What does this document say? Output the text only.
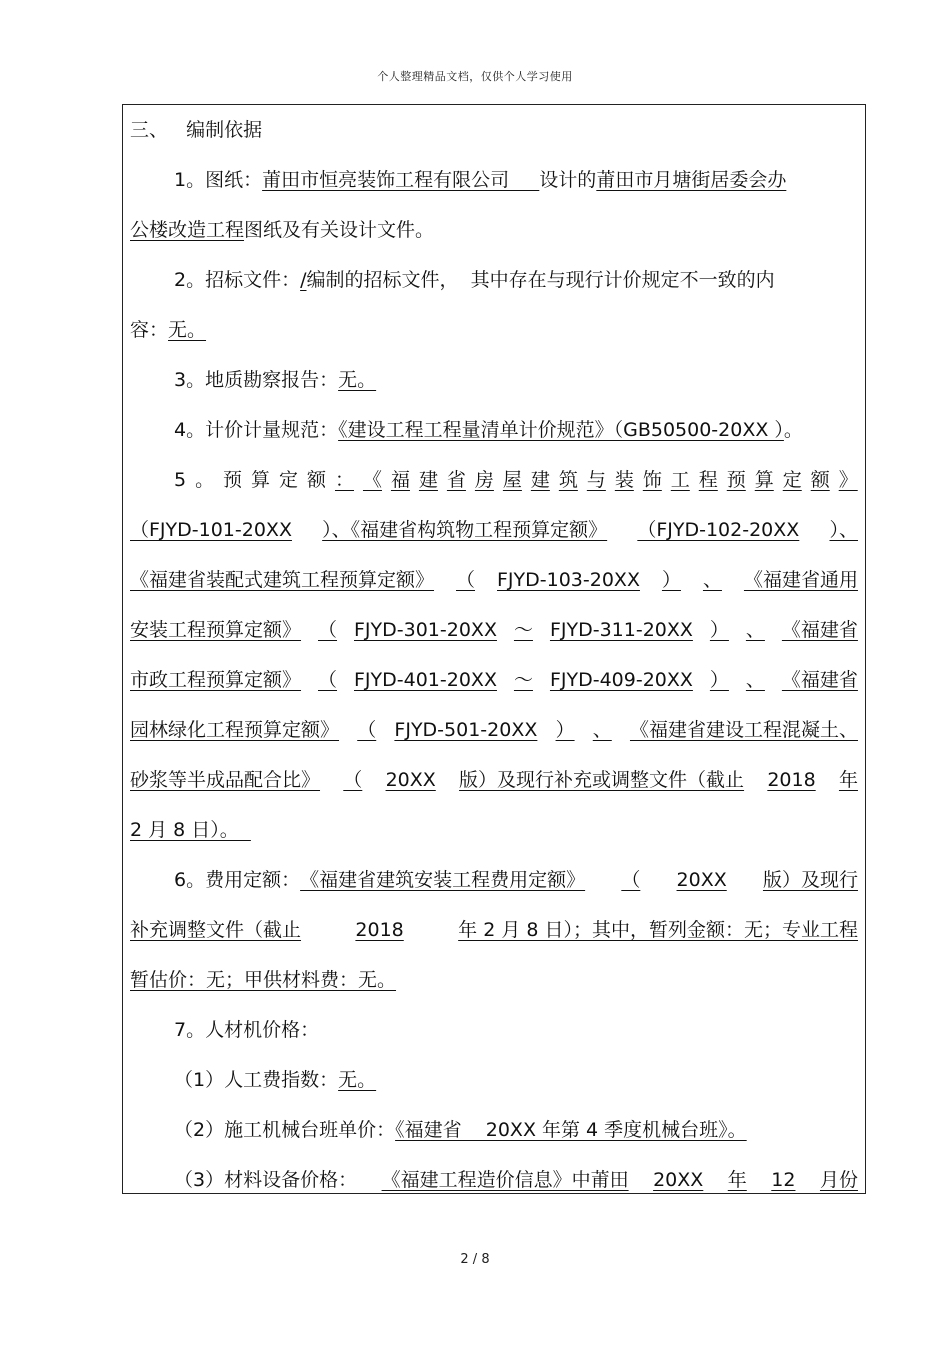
个人整理精品文档，仅供个人学习使用
三、   编制依据
1。图纸：莆田市恒亮装饰工程有限公司     设计的莆田市月塘街居委会办
公楼改造工程图纸及有关设计文件。
2。招标文件：/编制的招标文件，  其中存在与现行计价规定不一致的内
容：无。
3。地质勘察报告：无。
4。计价计量规范：《建设工程工程量清单计价规范》（GB50500-20XX ）。
5 。 预 算 定 额 ： 《 福 建 省 房 屋 建 筑 与 装 饰 工 程 预 算 定 额 》
（FJYD-101-20XX ）、《福建省构筑物工程预算定额》 （FJYD-102-20XX ）、
《福建省装配式建筑工程预算定额》 （ FJYD-103-20XX ） 、 《福建省通用
安装工程预算定额》 （ FJYD-301-20XX ～ FJYD-311-20XX ） 、 《福建省
市政工程预算定额》 （ FJYD-401-20XX ～ FJYD-409-20XX ） 、 《福建省
园林绿化工程预算定额》 （ FJYD-501-20XX ） 、 《福建省建设工程混凝土、
砂浆等半成品配合比》 （ 20XX 版）及现行补充或调整文件（截止 2018 年
2 月 8 日）。
6。费用定额： 《福建省建筑安装工程费用定额》 （ 20XX 版）及现行
补充调整文件（截止	2018	年 2 月 8 日）；其中，暂列金额：无；专业工程
暂估价：无；甲供材料费：无。
7。人材机价格：
（1）人工费指数：无。
（2）施工机械台班单价：《福建省    20XX 年第 4 季度机械台班》。
（3）材料设备价格： 《福建工程造价信息》中莆田 20XX 年 12 月份
2 / 8
